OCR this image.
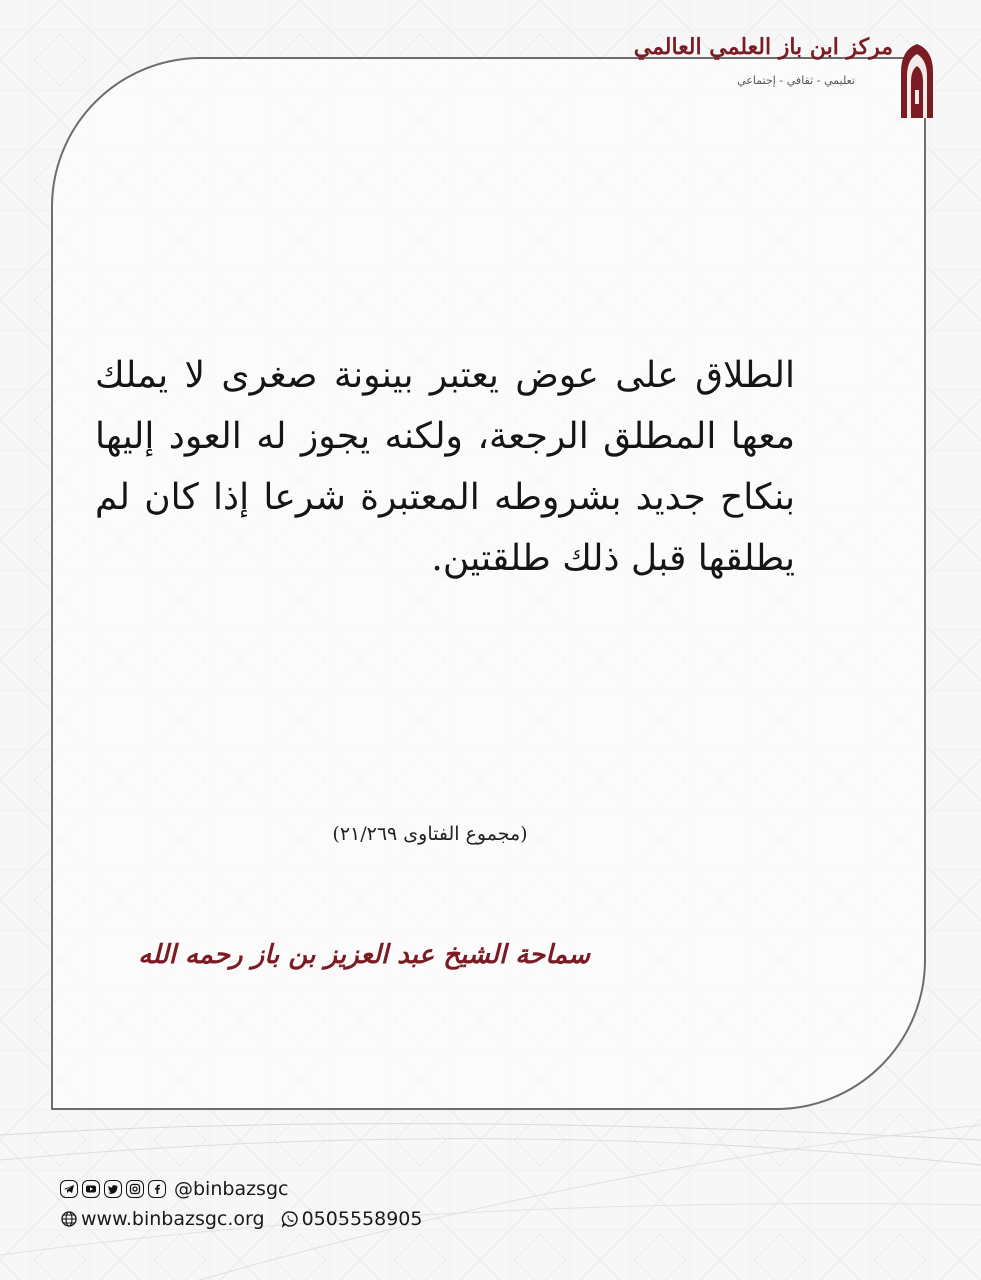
مركز ابن باز العلمي العالمي
تعليمي - ثقافي - إجتماعي
الطلاق على عوض يعتبر بينونة صغرى لا يملك معها المطلق الرجعة، ولكنه يجوز له العود إليها بنكاح جديد بشروطه المعتبرة شرعا إذا كان لم يطلقها قبل ذلك طلقتين.
(مجموع الفتاوى ٢١/٢٦٩)
سماحة الشيخ عبد العزيز بن باز رحمه الله
@binbazsgc
www.binbazsgc.org 0505558905
